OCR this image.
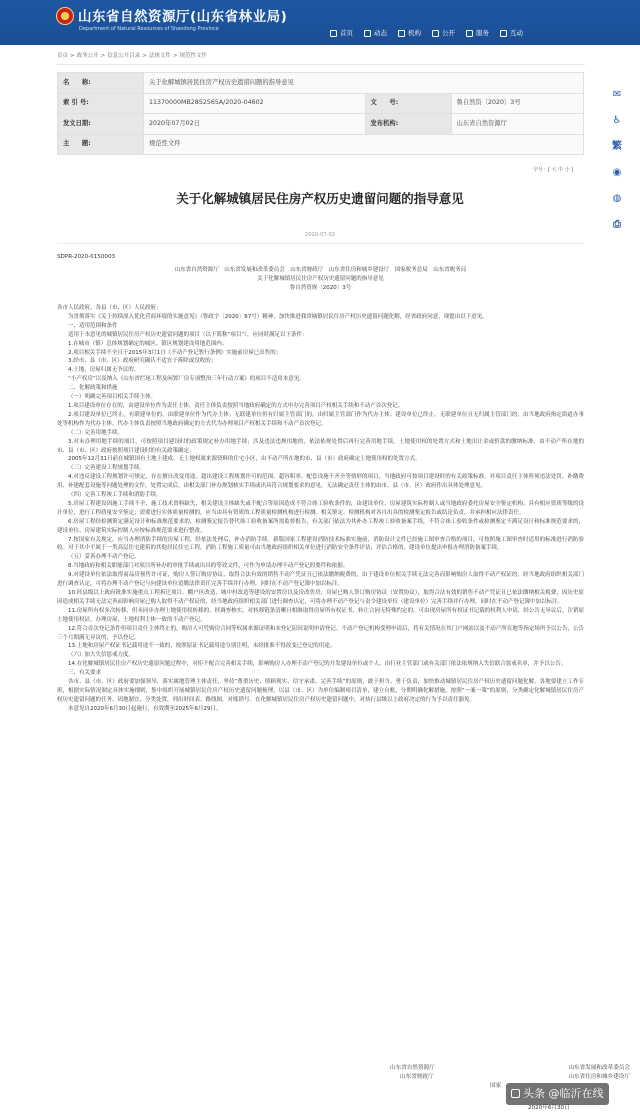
山东省自然资源厅(山东省林业局)
Department of Natural Resources of Shandong Province	首页	动态	机构	公开	服务	互动
首页 > 政务公开 > 信息公开目录 > 法规文件 > 规范性文件
名　　称:	关于化解城镇居民住房产权历史遗留问题的指导意见		
索 引 号:	11370000MB2852565A/2020-04602	文　　号:	鲁自然资〔2020〕3号
发文日期:	2020年07月02日	发布机构:	山东省自然资源厅
主　　题:	规范性文件		
字号：[ 大 中 小 ]
✉
♿
繁
◉
◍
⎙
关于化解城镇居民住房产权历史遗留问题的指导意见
2020-07-02
SDPR-2020-0150003
山东省自然资源厅　山东省发展和改革委员会　山东省财政厅　山东省住房和城乡建设厅　国家税务总局　山东省税务局
关于化解城镇居民住房产权历史遗留问题的指导意见
鲁自然资规〔2020〕3号

各市人民政府，各县（市、区）人民政府：

为贯彻落实《关于持续深入优化营商环境的实施意见》（鲁政字〔2020〕67号）精神，加快推进我省城镇居民住房产权历史遗留问题化解，经省政府同意，现提出以下意见。

一、适用范围和条件

适用于本意见的城镇居民住房产权历史遗留问题的项目（以下简称“项目”），应同时满足以下条件：

1.在城市（镇）总体规划确定的城区、镇区规划建设用地范围内；

2.项目相关手续不全且于2015年3月1日《不动产登记暂行条例》实施前房屋已出售的；

3.经市、县（市、区）政府研究确认不适宜于拆除或没收的；

4.土地、房屋归属无争议的。

“小产权房”以及纳入《山东省烂尾工程及闲置厂房专项整治三年行动方案》的项目不适用本意见。

二、化解政策和措施

（一）明确完善项目相关手续主体。

1.项目建设单位存在的，由建设单位作为责任主体。责任主体负责按照当地政府确定的方式申办完善项目产权相关手续和不动产首次登记。

2.项目建设单位已终止，有联建单位的，由联建单位作为代办主体；无联建单位但有归属主管部门的，由归属主管部门作为代办主体；建设单位已终止，无联建单位且无归属主管部门的，由当地政府指定街道办事处等机构作为代办主体。代办主体负责按照当地政府确定的方式代为办理项目产权相关手续和不动产首次登记。

（二）完善用地手续。

3.对未办理用地手续的项目，可按照项目建设时的政策规定补办用地手续；涉及违法违规用地的，依法依规处置后再行完善用地手续。土地使用权的处置方式和土地出让金或价款的缴纳标准，由不动产所在地的市、县（市、区）政府按照项目建设时的有关政策确定。

2005年12月31日前在城镇国有土地上建成、无土地权属来源资料的住宅小区，由不动产所在地的市、县（市）政府确定土地使用权的处置方式。

（三）完善建设工程规划手续。

4.对违反建设工程规划许可规定，存在擅自改变用途、超出建设工程规划许可的范围、超容积率、配套设施不齐全等情形的项目，当地政府可按项目建设时的有关政策标准，对项目责任主体所须违法处罚、补缴费用、补建配套设施等问题处理的文件，处置完成后，由相关部门补办规划核实手续或出具符合规划要求的意见。无法确定责任主体的由市、县（市、区）政府作出具体处理意见。

（四）完善工程竣工手续和消防手续。

5.房屋工程建设因施工手续不全、施工技术资料缺失、相关建设主体缺失或不配合等原因造成不符合竣工验收条件的，由建设单位、房屋建筑实际控制人或当地政府委托房屋安全鉴定机构、具有相应资质等级的设计单位，进行工程质量安全鉴定；需要进行实体质量检测的，应当由具有资质的工程质量检测机构进行检测。相关鉴定、检测机构对各自出具的检测鉴定报告或结论负责，并承担相应法律责任。

6.房屋工程经检测鉴定满足设计和标准规范要求的，检测鉴定报告替代竣工验收备案所需监督报告，有关部门依法为其补办工程竣工验收备案手续，不符合竣工验收条件或检测鉴定不满足设计和标准规范要求的，建设单位、房屋建筑实际控制人应按标准规范要求进行整改。

7.按国家有关规定，应当办理消防手续的房屋工程，经依法处理后，补办消防手续。新版国家工程建设消防技术标准实施前，消防设计文件已经施工图审查合格的项目，可按照施工图审查时适用的标准进行消防验收。对于其中不属于一类高层住宅建筑的其他居民住宅工程，消防工程施工质量可由当地政府组织相关单位进行消防安全条件评估，评估合格的，建设单位提出申报办理消防备案手续。

（五）妥善办理不动产登记。

8.当地政府和相关职能部门对项目所补办的审批手续或出具的等效文件，可作为申请办理不动产登记的要件和依据。

9.对建设单位依法取得商品房预售许可证，购房人签订购房协议、取得合法有效的销售不动产凭证且已依法缴纳税费的，由于建设单位相关手续无法完善而影响购房人取得不动产权证的，经当地政府组织相关部门进行调查认定，可将办理不动产登记与向建设单位追缴法律责任完善手续并行办理，同时在不动产登记簿中加以标注。

10.经县级以上政府批准实施重点工程拆迁项目、棚户区改造、城中村改造等建设的安置房以及房改售房，房屋已购人签订购房协议（安置协议），取得合法有效的销售不动产凭证且已依法缴纳相关税费，因历史原因造成相关手续无法完善而影响房屋已购人取得不动产权证的，经当地政府组织相关部门进行调查认定，可将办理不动产登记与责令建设单位（建设单位）完善手续并行办理，同时在不动产登记簿中加以标注。

11.房屋所有权多次转移，但未同步办理土地使用权转移的，经调查核实，对转移链条清晰且相继取得房屋所有权证书、转让合同无特殊约定的，可由现房屋所有权证书记载的权利人申请，经公告无异议后，注销原土地使用权证，办理房屋、土地权利主体一致的不动产登记。

12.符合首次登记条件但项目责任主体终止的，购房人可凭购房合同等权属来源证明和未登记原因说明申请登记。不动产登记机构受理申请后，将有关情况在其门户网站以及不动产所在地等指定场所予以公告，公告三个月期满无异议的，予以登记。

13.土地和房屋产权证书记载用途不一致的，按照原证书记载用途分别注明，未经批准不得改变已登记的用途。

（六）加大失信惩戒力度。

14.在化解城镇居民住房产权历史遗留问题过程中，对拒不配合完善相关手续，影响购房人办理不动产登记的开发建设单位或个人，由行业主管部门或有关部门依法依规纳入失信联合惩戒名单，并予以公告。

三、有关要求

各市、县（市、区）政府要加强领导，落实属地管理主体责任，坚持“尊重历史、照顾现实、信守承诺、完善手续”的原则，敢于担当、勇于负责，加快推动城镇居民住房产权历史遗留问题化解。各地要建立工作专班，根据实际情况制定具体实施细则，集中组织开展城镇居民住房产权历史遗留问题梳理，以县（市、区）为单位编制项目清单，建立台账，分期明确化解措施，按照“一案一策”的原则，分类确定化解城镇居民住房产权历史遗留问题的任务、因地制宜、分类处置，列出时间表、路线图，对账销号。在化解城镇居民住房产权历史遗留问题中，对执行县级以上政府决定的行为予以责任豁免。

本意见自2020年6月30日起施行，有效期至2025年6月29日。

山东省自然资源厅	山东省发展和改革委员会
山东省财政厅	山东省住房和城乡建设厅
国家
2020年6月30日
头条 @临沂在线
